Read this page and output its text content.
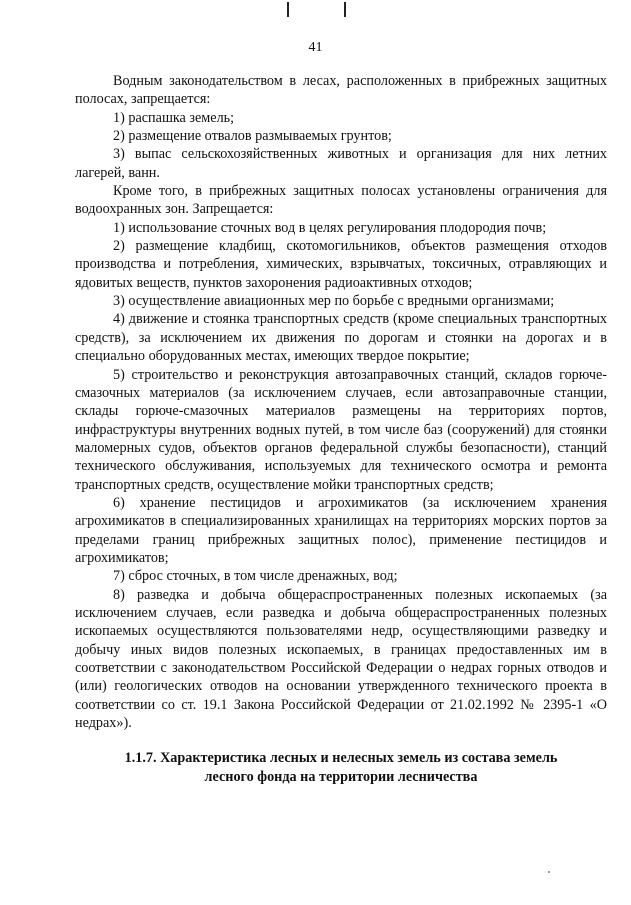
41

Водным законодательством в лесах, расположенных в прибрежных защитных полосах, запрещается:

1) распашка земель;

2) размещение отвалов размываемых грунтов;

3) выпас сельскохозяйственных животных и организация для них летних лагерей, ванн.

Кроме того, в прибрежных защитных полосах установлены ограничения для водоохранных зон. Запрещается:

1) использование сточных вод в целях регулирования плодородия почв;

2) размещение кладбищ, скотомогильников, объектов размещения отходов производства и потребления, химических, взрывчатых, токсичных, отравляющих и ядовитых веществ, пунктов захоронения радиоактивных отходов;

3) осуществление авиационных мер по борьбе с вредными организмами;

4) движение и стоянка транспортных средств (кроме специальных транспортных средств), за исключением их движения по дорогам и стоянки на дорогах и в специально оборудованных местах, имеющих твердое покрытие;

5) строительство и реконструкция автозаправочных станций, складов горюче-смазочных материалов (за исключением случаев, если автозаправочные станции, склады горюче-смазочных материалов размещены на территориях портов, инфраструктуры внутренних водных путей, в том числе баз (сооружений) для стоянки маломерных судов, объектов органов федеральной службы безопасности), станций технического обслуживания, используемых для технического осмотра и ремонта транспортных средств, осуществление мойки транспортных средств;

6) хранение пестицидов и агрохимикатов (за исключением хранения агрохимикатов в специализированных хранилищах на территориях морских портов за пределами границ прибрежных защитных полос), применение пестицидов и агрохимикатов;

7) сброс сточных, в том числе дренажных, вод;

8) разведка и добыча общераспространенных полезных ископаемых (за исключением случаев, если разведка и добыча общераспространенных полезных ископаемых осуществляются пользователями недр, осуществляющими разведку и добычу иных видов полезных ископаемых, в границах предоставленных им в соответствии с законодательством Российской Федерации о недрах горных отводов и (или) геологических отводов на основании утвержденного технического проекта в соответствии со ст. 19.1 Закона Российской Федерации от 21.02.1992 № 2395-1 «О недрах»).

1.1.7. Характеристика лесных и нелесных земель из состава земель
лесного фонда на территории лесничества
